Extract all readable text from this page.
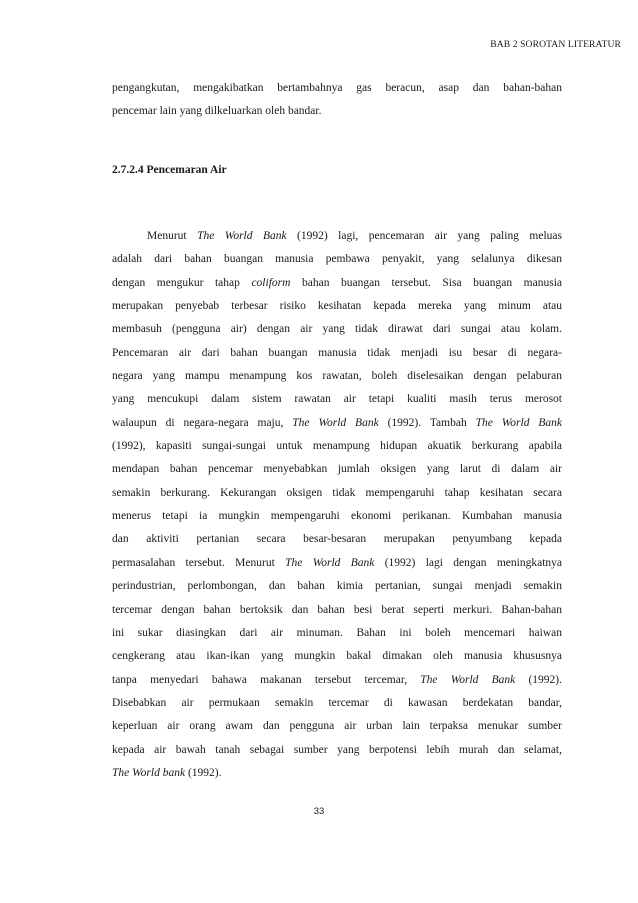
BAB 2 SOROTAN LITERATUR
pengangkutan, mengakibatkan bertambahnya gas beracun, asap dan bahan-bahan
pencemar lain yang dilkeluarkan oleh bandar.
2.7.2.4 Pencemaran Air
Menurut The World Bank (1992) lagi, pencemaran air yang paling meluas
adalah dari bahan buangan manusia pembawa penyakit, yang selalunya dikesan
dengan mengukur tahap coliform bahan buangan tersebut. Sisa buangan manusia
merupakan penyebab terbesar risiko kesihatan kepada mereka yang minum atau
membasuh (pengguna air) dengan air yang tidak dirawat dari sungai atau kolam.
Pencemaran air dari bahan buangan manusia tidak menjadi isu besar di negara-
negara yang mampu menampung kos rawatan, boleh diselesaikan dengan pelaburan
yang mencukupi dalam sistem rawatan air tetapi kualiti masih terus merosot
walaupun di negara-negara maju, The World Bank (1992). Tambah The World Bank
(1992), kapasiti sungai-sungai untuk menampung hidupan akuatik berkurang apabila
mendapan bahan pencemar menyebabkan jumlah oksigen yang larut di dalam air
semakin berkurang. Kekurangan oksigen tidak mempengaruhi tahap kesihatan secara
menerus tetapi ia mungkin mempengaruhi ekonomi perikanan. Kumbahan manusia
dan aktiviti pertanian secara besar-besaran merupakan penyumbang kepada
permasalahan tersebut. Menurut The World Bank (1992) lagi dengan meningkatnya
perindustrian, perlombongan, dan bahan kimia pertanian, sungai menjadi semakin
tercemar dengan bahan bertoksik dan bahan besi berat seperti merkuri. Bahan-bahan
ini sukar diasingkan dari air minuman. Bahan ini boleh mencemari haiwan
cengkerang atau ikan-ikan yang mungkin bakal dimakan oleh manusia khususnya
tanpa menyedari bahawa makanan tersebut tercemar, The World Bank (1992).
Disebabkan air permukaan semakin tercemar di kawasan berdekatan bandar,
keperluan air orang awam dan pengguna air urban lain terpaksa menukar sumber
kepada air bawah tanah sebagai sumber yang berpotensi lebih murah dan selamat,
The World bank (1992).
33
